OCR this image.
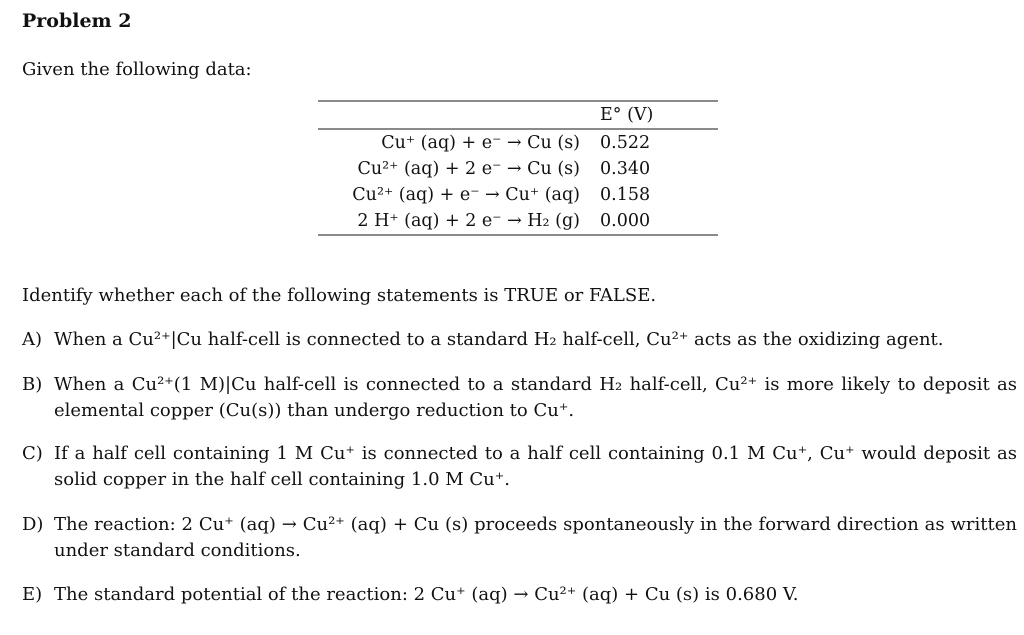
Problem 2
Given the following data:
	E° (V)
Cu⁺ (aq) + e⁻ → Cu (s)	0.522
Cu²⁺ (aq) + 2 e⁻ → Cu (s)	0.340
Cu²⁺ (aq) + e⁻ → Cu⁺ (aq)	0.158
2 H⁺ (aq) + 2 e⁻ → H₂ (g)	0.000
Identify whether each of the following statements is TRUE or FALSE.
A) When a Cu²⁺|Cu half-cell is connected to a standard H₂ half-cell, Cu²⁺ acts as the oxidizing agent.
B) When a Cu²⁺(1 M)|Cu half-cell is connected to a standard H₂ half-cell, Cu²⁺ is more likely to deposit as elemental copper (Cu(s)) than undergo reduction to Cu⁺.
C) If a half cell containing 1 M Cu⁺ is connected to a half cell containing 0.1 M Cu⁺, Cu⁺ would deposit as solid copper in the half cell containing 1.0 M Cu⁺.
D) The reaction: 2 Cu⁺ (aq) → Cu²⁺ (aq) + Cu (s) proceeds spontaneously in the forward direction as written under standard conditions.
E) The standard potential of the reaction: 2 Cu⁺ (aq) → Cu²⁺ (aq) + Cu (s) is 0.680 V.
